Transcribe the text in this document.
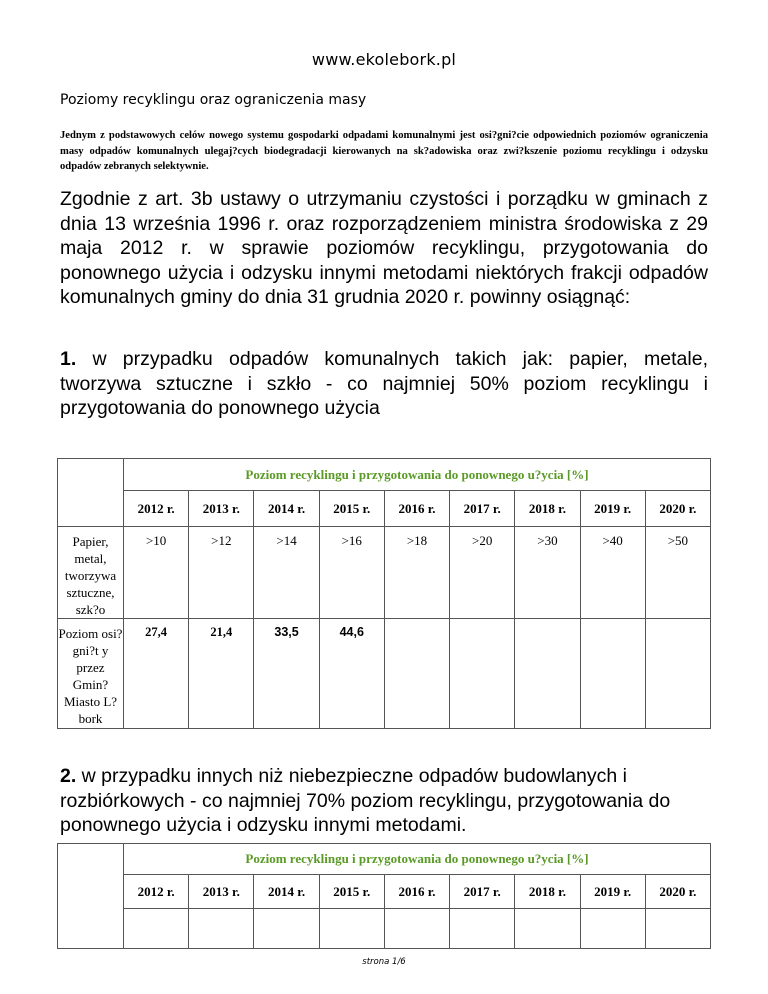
www.ekolebork.pl
Poziomy recyklingu oraz ograniczenia masy

Jednym z podstawowych celów nowego systemu gospodarki odpadami komunalnymi jest osi?gni?cie odpowiednich poziomów ograniczenia masy odpadów komunalnych ulegaj?cych biodegradacji kierowanych na sk?adowiska oraz zwi?kszenie poziomu recyklingu i odzysku odpadów zebranych selektywnie.

Zgodnie z art. 3b ustawy o utrzymaniu czystości i porządku w gminach z dnia 13 września 1996 r. oraz rozporządzeniem ministra środowiska z 29 maja 2012 r. w sprawie poziomów recyklingu, przygotowania do ponownego użycia i odzysku innymi metodami niektórych frakcji odpadów komunalnych gminy do dnia 31 grudnia 2020 r. powinny osiągnąć:

1. w przypadku odpadów komunalnych takich jak: papier, metale, tworzywa sztuczne i szkło - co najmniej 50% poziom recyklingu i przygotowania do ponownego użycia

	Poziom recyklingu i przygotowania do ponownego u?ycia [%]								
	2012 r.	2013 r.	2014 r.	2015 r.	2016 r.	2017 r.	2018 r.	2019 r.	2020 r.
Papier, metal, tworzywa sztuczne, szk?o	>10	>12	>14	>16	>18	>20	>30	>40	>50
Poziom osi?gni?t y przez Gmin? Miasto L?bork	27,4	21,4	33,5	44,6					

2. w przypadku innych niż niebezpieczne odpadów budowlanych i rozbiórkowych - co najmniej 70% poziom recyklingu, przygotowania do ponownego użycia i odzysku innymi metodami.

	Poziom recyklingu i przygotowania do ponownego u?ycia [%]								
	2012 r.	2013 r.	2014 r.	2015 r.	2016 r.	2017 r.	2018 r.	2019 r.	2020 r.

strona 1/6
